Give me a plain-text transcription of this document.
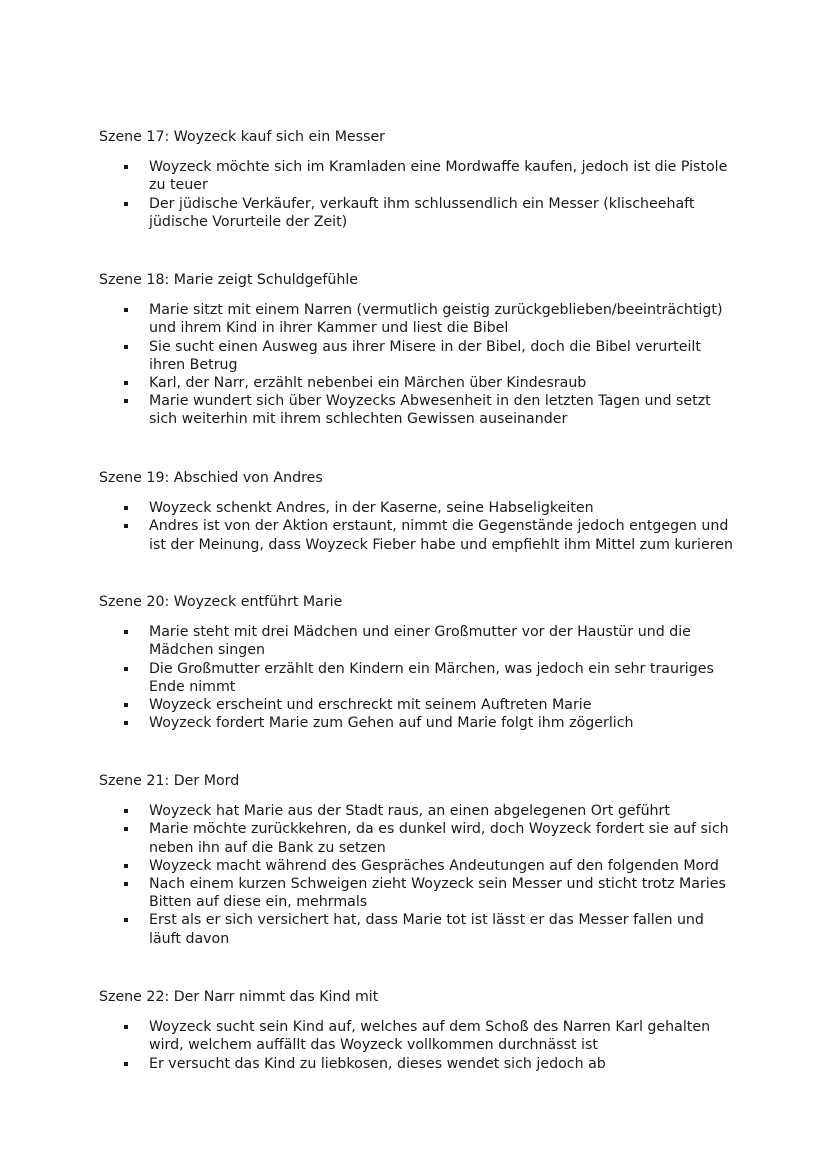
Szene 17: Woyzeck kauf sich ein Messer
Woyzeck möchte sich im Kramladen eine Mordwaffe kaufen, jedoch ist die Pistole zu teuer
Der jüdische Verkäufer, verkauft ihm schlussendlich ein Messer (klischeehaft jüdische Vorurteile der Zeit)
Szene 18: Marie zeigt Schuldgefühle
Marie sitzt mit einem Narren (vermutlich geistig zurückgeblieben/beeinträchtigt) und ihrem Kind in ihrer Kammer und liest die Bibel
Sie sucht einen Ausweg aus ihrer Misere in der Bibel, doch die Bibel verurteilt ihren Betrug
Karl, der Narr, erzählt nebenbei ein Märchen über Kindesraub
Marie wundert sich über Woyzecks Abwesenheit in den letzten Tagen und setzt sich weiterhin mit ihrem schlechten Gewissen auseinander
Szene 19: Abschied von Andres
Woyzeck schenkt Andres, in der Kaserne, seine Habseligkeiten
Andres ist von der Aktion erstaunt, nimmt die Gegenstände jedoch entgegen und ist der Meinung, dass Woyzeck Fieber habe und empfiehlt ihm Mittel zum kurieren
Szene 20: Woyzeck entführt Marie
Marie steht mit drei Mädchen und einer Großmutter vor der Haustür und die Mädchen singen
Die Großmutter erzählt den Kindern ein Märchen, was jedoch ein sehr trauriges Ende nimmt
Woyzeck erscheint und erschreckt mit seinem Auftreten Marie
Woyzeck fordert Marie zum Gehen auf und Marie folgt ihm zögerlich
Szene 21: Der Mord
Woyzeck hat Marie aus der Stadt raus, an einen abgelegenen Ort geführt
Marie möchte zurückkehren, da es dunkel wird, doch Woyzeck fordert sie auf sich neben ihn auf die Bank zu setzen
Woyzeck macht während des Gespräches Andeutungen auf den folgenden Mord
Nach einem kurzen Schweigen zieht Woyzeck sein Messer und sticht trotz Maries Bitten auf diese ein, mehrmals
Erst als er sich versichert hat, dass Marie tot ist lässt er das Messer fallen und läuft davon
Szene 22: Der Narr nimmt das Kind mit
Woyzeck sucht sein Kind auf, welches auf dem Schoß des Narren Karl gehalten wird, welchem auffällt das Woyzeck vollkommen durchnässt ist
Er versucht das Kind zu liebkosen, dieses wendet sich jedoch ab
